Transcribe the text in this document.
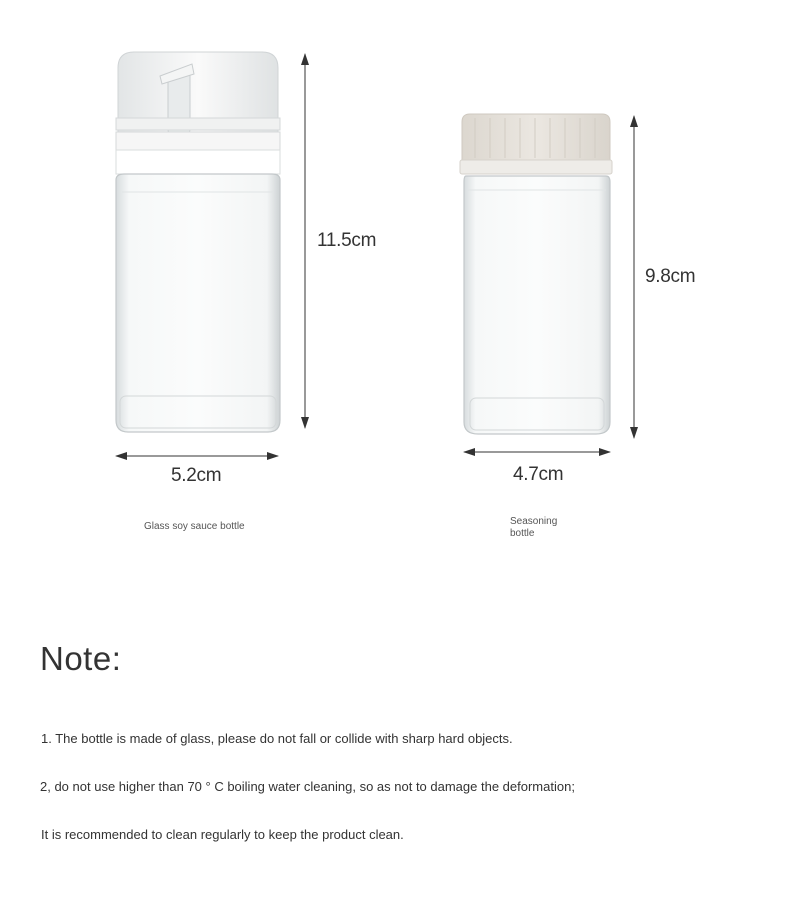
11.5cm
5.2cm
9.8cm
4.7cm
Glass soy sauce bottle	Seasoning bottle
Note:
1. The bottle is made of glass, please do not fall or collide with sharp hard objects.
2, do not use higher than 70 ° C boiling water cleaning, so as not to damage the deformation;
It is recommended to clean regularly to keep the product clean.
